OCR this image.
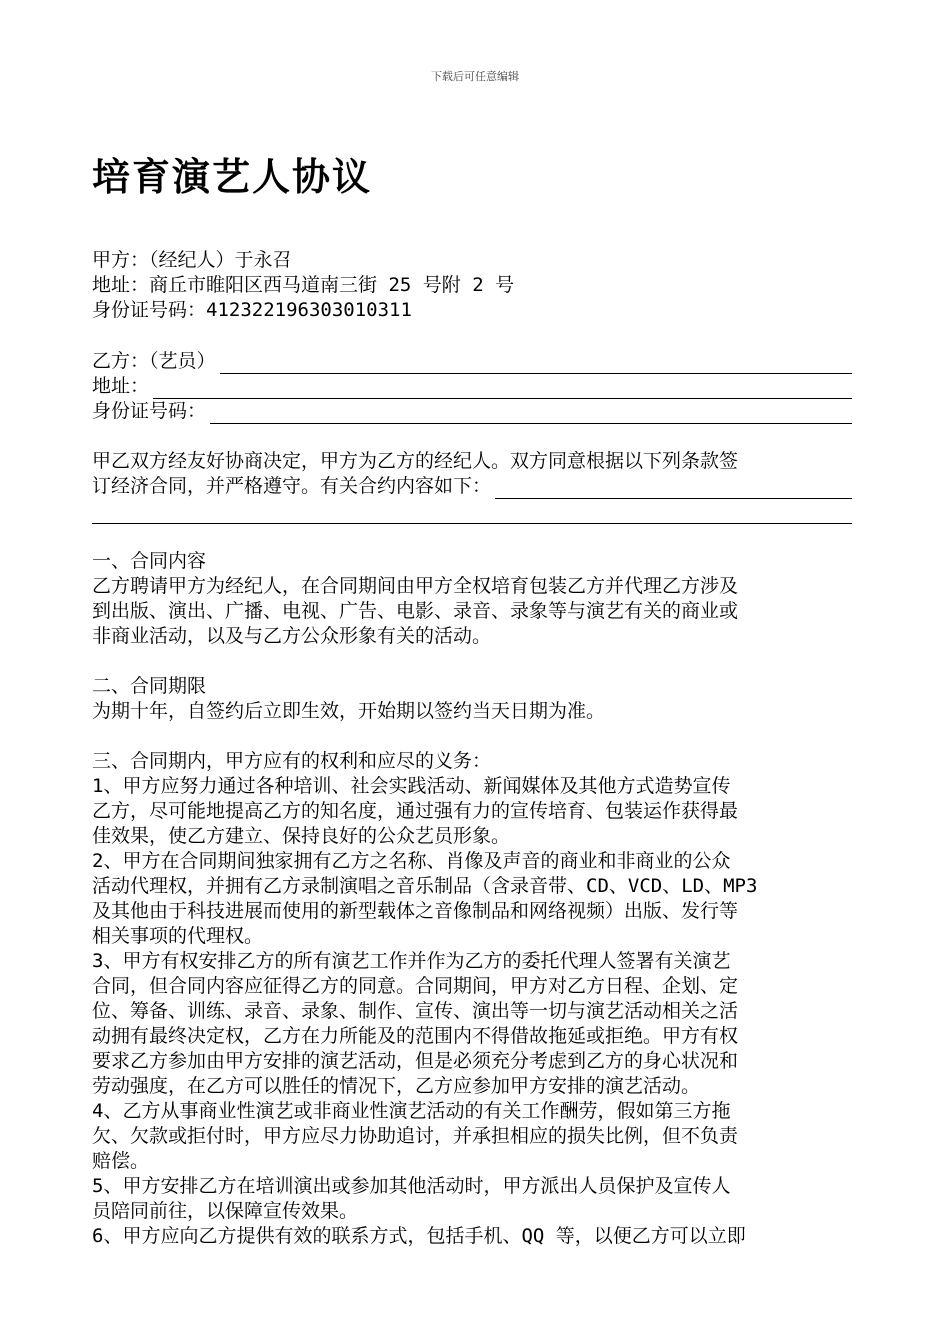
下载后可任意编辑
培育演艺人协议
甲方：（经纪人）于永召
地址：商丘市睢阳区西马道南三街 25 号附 2 号
身份证号码：412322196303010311
乙方：（艺员）
地址：
身份证号码：
甲乙双方经友好协商决定，甲方为乙方的经纪人。双方同意根据以下列条款签
订经济合同，并严格遵守。有关合约内容如下：
一、合同内容
乙方聘请甲方为经纪人，在合同期间由甲方全权培育包装乙方并代理乙方涉及
到出版、演出、广播、电视、广告、电影、录音、录象等与演艺有关的商业或
非商业活动，以及与乙方公众形象有关的活动。
二、合同期限
为期十年，自签约后立即生效，开始期以签约当天日期为准。
三、合同期内，甲方应有的权利和应尽的义务：
1、甲方应努力通过各种培训、社会实践活动、新闻媒体及其他方式造势宣传
乙方，尽可能地提高乙方的知名度，通过强有力的宣传培育、包装运作获得最
佳效果，使乙方建立、保持良好的公众艺员形象。
2、甲方在合同期间独家拥有乙方之名称、肖像及声音的商业和非商业的公众
活动代理权，并拥有乙方录制演唱之音乐制品（含录音带、CD、VCD、LD、MP3
及其他由于科技进展而使用的新型载体之音像制品和网络视频）出版、发行等
相关事项的代理权。
3、甲方有权安排乙方的所有演艺工作并作为乙方的委托代理人签署有关演艺
合同，但合同内容应征得乙方的同意。合同期间，甲方对乙方日程、企划、定
位、筹备、训练、录音、录象、制作、宣传、演出等一切与演艺活动相关之活
动拥有最终决定权，乙方在力所能及的范围内不得借故拖延或拒绝。甲方有权
要求乙方参加由甲方安排的演艺活动，但是必须充分考虑到乙方的身心状况和
劳动强度，在乙方可以胜任的情况下，乙方应参加甲方安排的演艺活动。
4、乙方从事商业性演艺或非商业性演艺活动的有关工作酬劳，假如第三方拖
欠、欠款或拒付时，甲方应尽力协助追讨，并承担相应的损失比例，但不负责
赔偿。
5、甲方安排乙方在培训演出或参加其他活动时，甲方派出人员保护及宣传人
员陪同前往，以保障宣传效果。
6、甲方应向乙方提供有效的联系方式，包括手机、QQ 等，以便乙方可以立即
